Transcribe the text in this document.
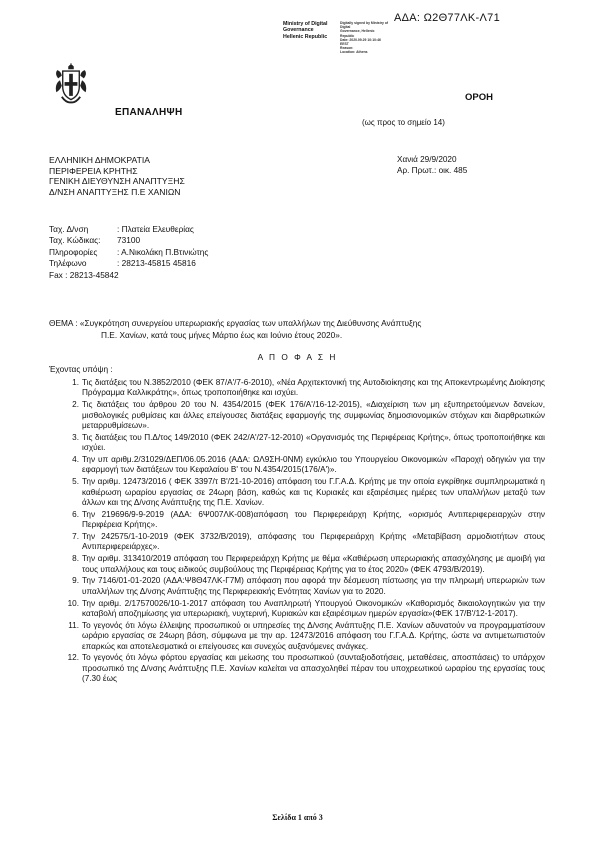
ΑΔΑ: Ω2Θ77ΛΚ-Λ71
Ministry of Digital
Governance
Hellenic Republic
Digitally signed by Ministry of Digital
Governance, Hellenic
Republic
Date: 2020.09.29 10:10:46
EEST
Reason:
Location: Athens
ΟΡΟΗ
ΕΠΑΝΑΛΗΨΗ
(ως προς το σημείο 14)
ΕΛΛΗΝΙΚΗ ΔΗΜΟΚΡΑΤΙΑ
ΠΕΡΙΦΕΡΕΙΑ ΚΡΗΤΗΣ
ΓΕΝΙΚΗ ΔΙΕΥΘΥΝΣΗ ΑΝΑΠΤΥΞΗΣ
Δ/ΝΣΗ ΑΝΑΠΤΥΞΗΣ Π.Ε ΧΑΝΙΩΝ
Χανιά 29/9/2020
Αρ. Πρωτ.: οικ. 485
Ταχ. Δ/νση	: Πλατεία Ελευθερίας
Ταχ. Κώδικας: 73100
Πληροφορίες : Α.Νικολάκη Π.Βτινιώτης
Τηλέφωνο	: 28213-45815 45816
Fax : 28213-45842
ΘΕΜΑ : «Συγκρότηση συνεργείου υπερωριακής εργασίας των υπαλλήλων της Διεύθυνσης Ανάπτυξης
Π.Ε. Χανίων, κατά τους μήνες Μάρτιο έως και Ιούνιο έτους 2020».
Α Π Ο Φ Α Σ Η
Έχοντας υπόψη :
1. Τις διατάξεις του Ν.3852/2010 (ΦΕΚ 87/Α'/7-6-2010), «Νέα Αρχιτεκτονική της Αυτοδιοίκησης και της Αποκεντρωμένης Διοίκησης Πρόγραμμα Καλλικράτης», όπως τροποποιήθηκε και ισχύει.
2. Τις διατάξεις του άρθρου 20 του Ν. 4354/2015 (ΦΕΚ 176/Α'/16-12-2015), «Διαχείριση των μη εξυπηρετούμενων δανείων, μισθολογικές ρυθμίσεις και άλλες επείγουσες διατάξεις εφαρμογής της συμφωνίας δημοσιονομικών στόχων και διαρθρωτικών μεταρρυθμίσεων».
3. Τις διατάξεις του Π.Δ/τος 149/2010 (ΦΕΚ 242/Α'/27-12-2010) «Οργανισμός της Περιφέρειας Κρήτης», όπως τροποποιήθηκε και ισχύει.
4. Την υπ αριθμ.2/31029/ΔΕΠ/06.05.2016 (ΑΔΑ: ΩΛ9ΣΗ-0ΝΜ) εγκύκλιο του Υπουργείου Οικονομικών «Παροχή οδηγιών για την εφαρμογή των διατάξεων του Κεφαλαίου Β' του Ν.4354/2015(176/Α')».
5. Την αριθμ. 12473/2016 ( ΦΕΚ 3397/τ Β'/21-10-2016) απόφαση του Γ.Γ.Α.Δ. Κρήτης με την οποία εγκρίθηκε συμπληρωματικά η καθιέρωση ωραρίου εργασίας σε 24ωρη βάση, καθώς και τις Κυριακές και εξαιρέσιμες ημέρες των υπαλλήλων μεταξύ των άλλων και της Δ/νσης Ανάπτυξης της Π.Ε. Χανίων.
6. Την 219696/9-9-2019 (ΑΔΑ: 6Ψ007ΛΚ-008)απόφαση του Περιφερειάρχη Κρήτης, «ορισμός Αντιπεριφερειαρχών στην Περιφέρεια Κρήτης».
7. Την 242575/1-10-2019 (ΦΕΚ 3732/Β/2019), απόφασης του Περιφερειάρχη Κρήτης «Μεταβίβαση αρμοδιοτήτων στους Αντιπεριφερειάρχες».
8. Την αριθμ. 313410/2019 απόφαση του Περιφερειάρχη Κρήτης με θέμα «Καθιέρωση υπερωριακής απασχόλησης με αμοιβή για τους υπαλλήλους και τους ειδικούς συμβούλους της Περιφέρειας Κρήτης για το έτος 2020» (ΦΕΚ 4793/Β/2019).
9. Την 7146/01-01-2020 (ΑΔΑ:Ψ8Θ47ΛΚ-Γ7Μ) απόφαση που αφορά την δέσμευση πίστωσης για την πληρωμή υπερωριών των υπαλλήλων της Δ/νσης Ανάπτυξης της Περιφερειακής Ενότητας Χανίων για το 2020.
10. Την αριθμ. 2/17570026/10-1-2017 απόφαση του Αναπληρωτή Υπουργού Οικονομικών «Καθορισμός δικαιολογητικών για την καταβολή αποζημίωσης για υπερωριακή, νυχτερινή, Κυριακών και εξαιρέσιμων ημερών εργασία»(ΦΕΚ 17/Β'/12-1-2017).
11. Το γεγονός ότι λόγω έλλειψης προσωπικού οι υπηρεσίες της Δ/νσης Ανάπτυξης Π.Ε. Χανίων αδυνατούν να προγραμματίσουν ωράριο εργασίας σε 24ωρη βάση, σύμφωνα με την αρ. 12473/2016 απόφαση του Γ.Γ.Α.Δ. Κρήτης, ώστε να αντιμετωπιστούν επαρκώς και αποτελεσματικά οι επείγουσες και συνεχώς αυξανόμενες ανάγκες.
12. Το γεγονός ότι λόγω φόρτου εργασίας και μείωσης του προσωπικού (συνταξιοδοτήσεις, μεταθέσεις, αποσπάσεις) το υπάρχον προσωπικό της Δ/νσης Ανάπτυξης Π.Ε. Χανίων καλείται να απασχοληθεί πέραν του υποχρεωτικού ωραρίου της εργασίας τους (7.30 έως
Σελίδα 1 από 3
